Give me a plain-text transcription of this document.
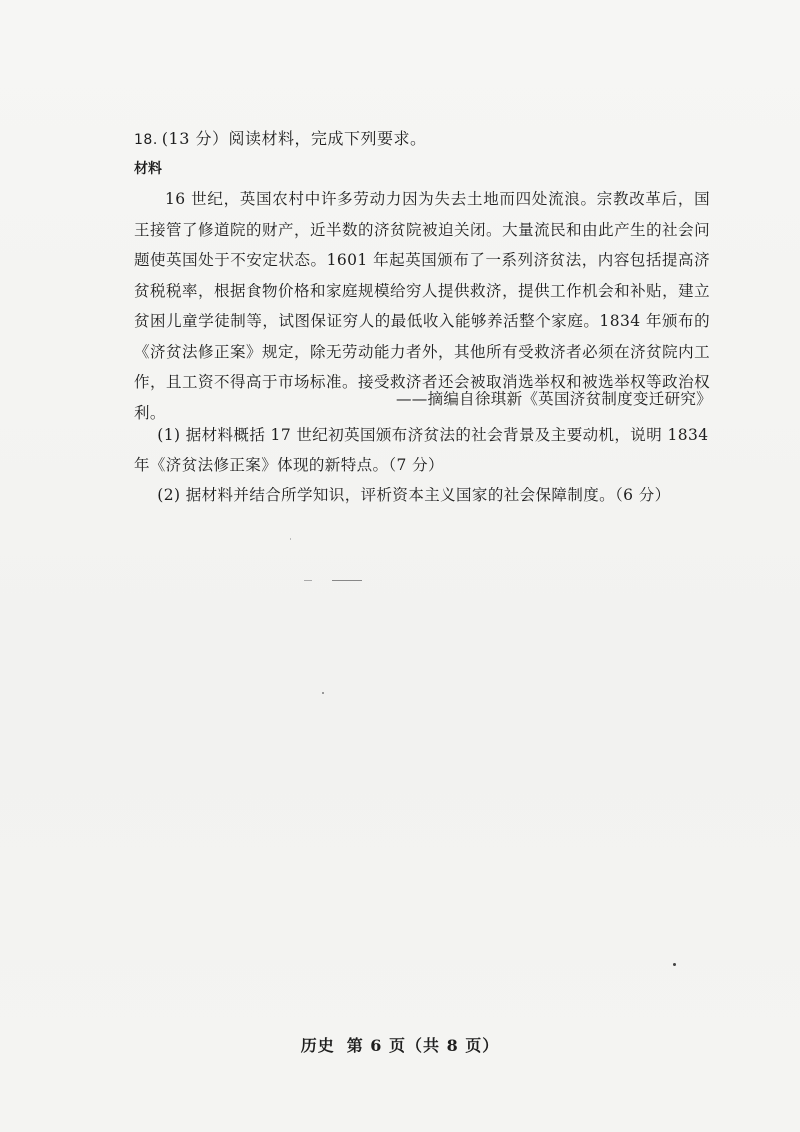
18. (13 分）阅读材料，完成下列要求。
材料
16 世纪，英国农村中许多劳动力因为失去土地而四处流浪。宗教改革后，国王接管了修道院的财产，近半数的济贫院被迫关闭。大量流民和由此产生的社会问题使英国处于不安定状态。1601 年起英国颁布了一系列济贫法，内容包括提高济贫税税率，根据食物价格和家庭规模给穷人提供救济，提供工作机会和补贴，建立贫困儿童学徒制等，试图保证穷人的最低收入能够养活整个家庭。1834 年颁布的《济贫法修正案》规定，除无劳动能力者外，其他所有受救济者必须在济贫院内工作，且工资不得高于市场标准。接受救济者还会被取消选举权和被选举权等政治权利。
——摘编自徐琪新《英国济贫制度变迁研究》
(1) 据材料概括 17 世纪初英国颁布济贫法的社会背景及主要动机，说明 1834 年《济贫法修正案》体现的新特点。（7 分）
(2) 据材料并结合所学知识，评析资本主义国家的社会保障制度。（6 分）
历史 第 6 页（共 8 页）
